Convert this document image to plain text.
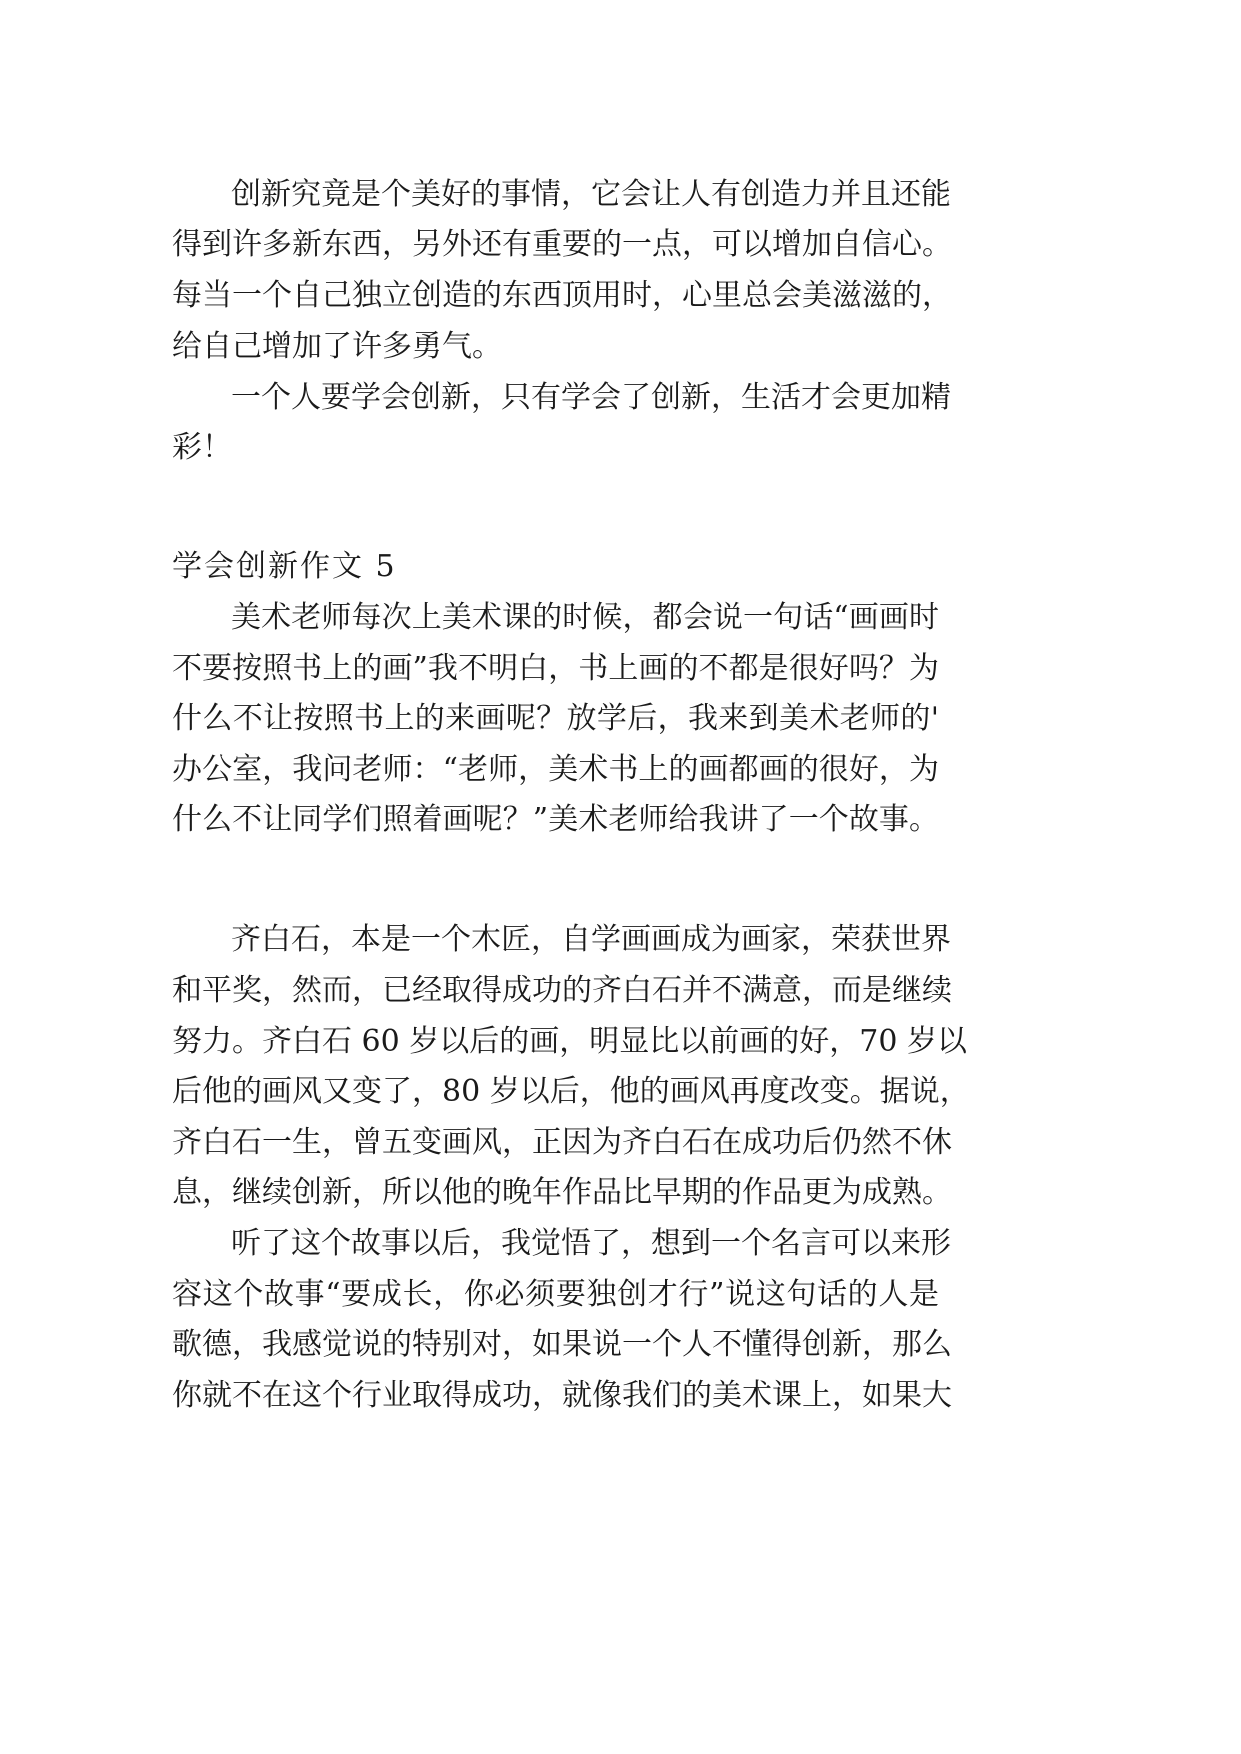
创新究竟是个美好的事情，它会让人有创造力并且还能
得到许多新东西，另外还有重要的一点，可以增加自信心。
每当一个自己独立创造的东西顶用时，心里总会美滋滋的，
给自己增加了许多勇气。
一个人要学会创新，只有学会了创新，生活才会更加精
彩！
学会创新作文 5
美术老师每次上美术课的时候，都会说一句话“画画时
不要按照书上的画”我不明白，书上画的不都是很好吗？为
什么不让按照书上的来画呢？放学后，我来到美术老师的'
办公室，我问老师：“老师，美术书上的画都画的很好，为
什么不让同学们照着画呢？”美术老师给我讲了一个故事。
齐白石，本是一个木匠，自学画画成为画家，荣获世界
和平奖，然而，已经取得成功的齐白石并不满意，而是继续
努力。齐白石 60 岁以后的画，明显比以前画的好，70 岁以
后他的画风又变了，80 岁以后，他的画风再度改变。据说，
齐白石一生，曾五变画风，正因为齐白石在成功后仍然不休
息，继续创新，所以他的晚年作品比早期的作品更为成熟。
听了这个故事以后，我觉悟了，想到一个名言可以来形
容这个故事“要成长，你必须要独创才行”说这句话的人是
歌德，我感觉说的特别对，如果说一个人不懂得创新，那么
你就不在这个行业取得成功，就像我们的美术课上，如果大
